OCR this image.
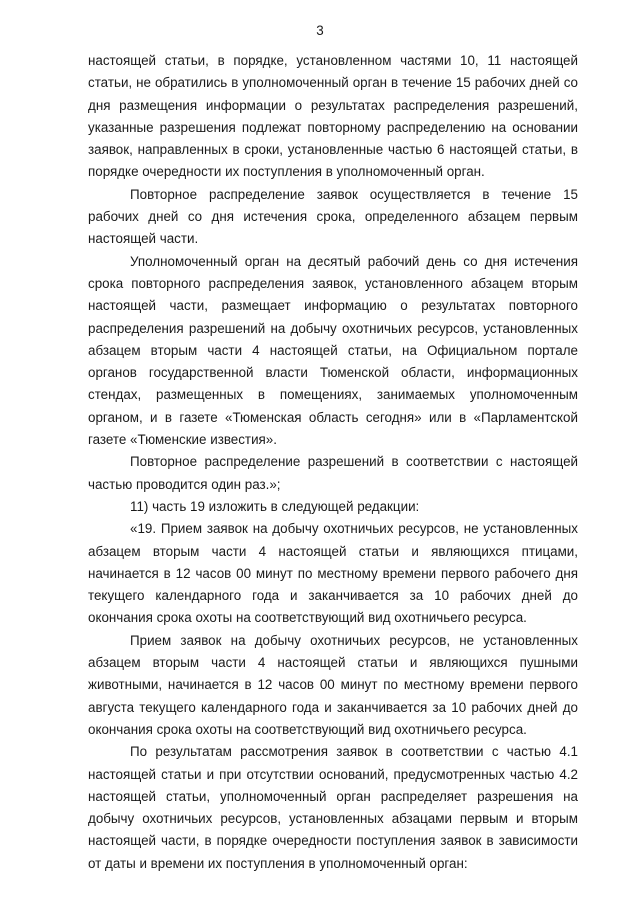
3

настоящей статьи, в порядке, установленном частями 10, 11 настоящей статьи, не обратились в уполномоченный орган в течение 15 рабочих дней со дня размещения информации о результатах распределения разрешений, указанные разрешения подлежат повторному распределению на основании заявок, направленных в сроки, установленные частью 6 настоящей статьи, в порядке очередности их поступления в уполномоченный орган.

Повторное распределение заявок осуществляется в течение 15 рабочих дней со дня истечения срока, определенного абзацем первым настоящей части.

Уполномоченный орган на десятый рабочий день со дня истечения срока повторного распределения заявок, установленного абзацем вторым настоящей части, размещает информацию о результатах повторного распределения разрешений на добычу охотничьих ресурсов, установленных абзацем вторым части 4 настоящей статьи, на Официальном портале органов государственной власти Тюменской области, информационных стендах, размещенных в помещениях, занимаемых уполномоченным органом, и в газете «Тюменская область сегодня» или в «Парламентской газете «Тюменские известия».

Повторное распределение разрешений в соответствии с настоящей частью проводится один раз.»;

11) часть 19 изложить в следующей редакции:

«19. Прием заявок на добычу охотничьих ресурсов, не установленных абзацем вторым части 4 настоящей статьи и являющихся птицами, начинается в 12 часов 00 минут по местному времени первого рабочего дня текущего календарного года и заканчивается за 10 рабочих дней до окончания срока охоты на соответствующий вид охотничьего ресурса.

Прием заявок на добычу охотничьих ресурсов, не установленных абзацем вторым части 4 настоящей статьи и являющихся пушными животными, начинается в 12 часов 00 минут по местному времени первого августа текущего календарного года и заканчивается за 10 рабочих дней до окончания срока охоты на соответствующий вид охотничьего ресурса.

По результатам рассмотрения заявок в соответствии с частью 4.1 настоящей статьи и при отсутствии оснований, предусмотренных частью 4.2 настоящей статьи, уполномоченный орган распределяет разрешения на добычу охотничьих ресурсов, установленных абзацами первым и вторым настоящей части, в порядке очередности поступления заявок в зависимости от даты и времени их поступления в уполномоченный орган:
